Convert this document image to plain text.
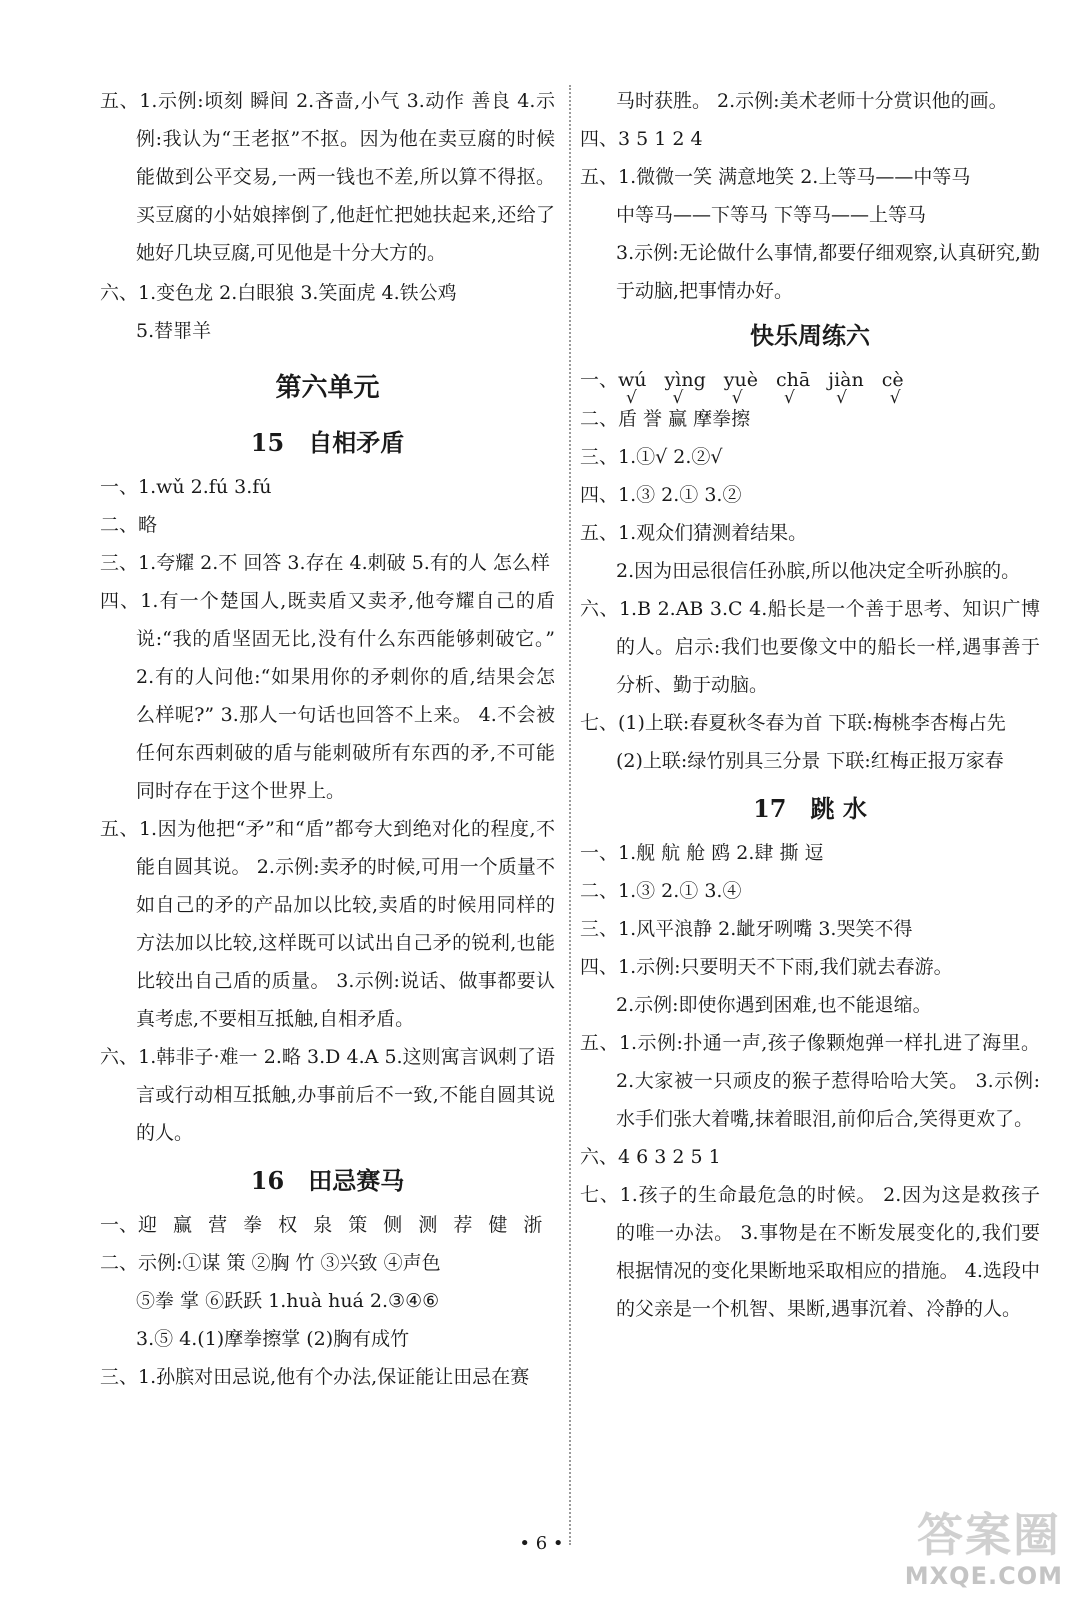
五、1.示例:顷刻 瞬间 2.吝啬,小气 3.动作 善良 4.示例:我认为“王老抠”不抠。因为他在卖豆腐的时候能做到公平交易,一两一钱也不差,所以算不得抠。买豆腐的小姑娘摔倒了,他赶忙把她扶起来,还给了她好几块豆腐,可见他是十分大方的。

六、1.变色龙 2.白眼狼 3.笑面虎 4.铁公鸡

5.替罪羊

第六单元
15 自相矛盾

一、1.wǔ 2.fú 3.fú

二、略

三、1.夸耀 2.不 回答 3.存在 4.刺破 5.有的人 怎么样

四、1.有一个楚国人,既卖盾又卖矛,他夸耀自己的盾说:“我的盾坚固无比,没有什么东西能够刺破它。” 2.有的人问他:“如果用你的矛刺你的盾,结果会怎么样呢?” 3.那人一句话也回答不上来。 4.不会被任何东西刺破的盾与能刺破所有东西的矛,不可能同时存在于这个世界上。

五、1.因为他把“矛”和“盾”都夸大到绝对化的程度,不能自圆其说。 2.示例:卖矛的时候,可用一个质量不如自己的矛的产品加以比较,卖盾的时候用同样的方法加以比较,这样既可以试出自己矛的锐利,也能比较出自己盾的质量。 3.示例:说话、做事都要认真考虑,不要相互抵触,自相矛盾。

六、1.韩非子·难一 2.略 3.D 4.A 5.这则寓言讽刺了语言或行动相互抵触,办事前后不一致,不能自圆其说的人。

16 田忌赛马

一、迎 赢 营 拳 权 泉 策 侧 测 荐 健 浙

二、示例:①谋 策 ②胸 竹 ③兴致 ④声色

⑤拳 掌 ⑥跃跃 1.huà huá 2.③④⑥

3.⑤ 4.(1)摩拳擦掌 (2)胸有成竹

三、1.孙膑对田忌说,他有个办法,保证能让田忌在赛

马时获胜。 2.示例:美术老师十分赏识他的画。

四、3 5 1 2 4

五、1.微微一笑 满意地笑 2.上等马——中等马

中等马——下等马 下等马——上等马

3.示例:无论做什么事情,都要仔细观察,认真研究,勤于动脑,把事情办好。

快乐周练六
一、wú √ yìng √ yuè √ chā √ jiàn √ cè √

二、盾 誉 赢 摩拳擦

三、1.①√ 2.②√

四、1.③ 2.① 3.②

五、1.观众们猜测着结果。

2.因为田忌很信任孙膑,所以他决定全听孙膑的。

六、1.B 2.AB 3.C 4.船长是一个善于思考、知识广博的人。启示:我们也要像文中的船长一样,遇事善于分析、勤于动脑。

七、(1)上联:春夏秋冬春为首 下联:梅桃李杏梅占先

(2)上联:绿竹别具三分景 下联:红梅正报万家春

17 跳 水

一、1.舰 航 舱 鸥 2.肆 撕 逗

二、1.③ 2.① 3.④

三、1.风平浪静 2.龇牙咧嘴 3.哭笑不得

四、1.示例:只要明天不下雨,我们就去春游。

2.示例:即使你遇到困难,也不能退缩。

五、1.示例:扑通一声,孩子像颗炮弹一样扎进了海里。 2.大家被一只顽皮的猴子惹得哈哈大笑。 3.示例:水手们张大着嘴,抹着眼泪,前仰后合,笑得更欢了。

六、4 6 3 2 5 1

七、1.孩子的生命最危急的时候。 2.因为这是救孩子的唯一办法。 3.事物是在不断发展变化的,我们要根据情况的变化果断地采取相应的措施。 4.选段中的父亲是一个机智、果断,遇事沉着、冷静的人。

• 6 •	答案圈
MXQE.COM
